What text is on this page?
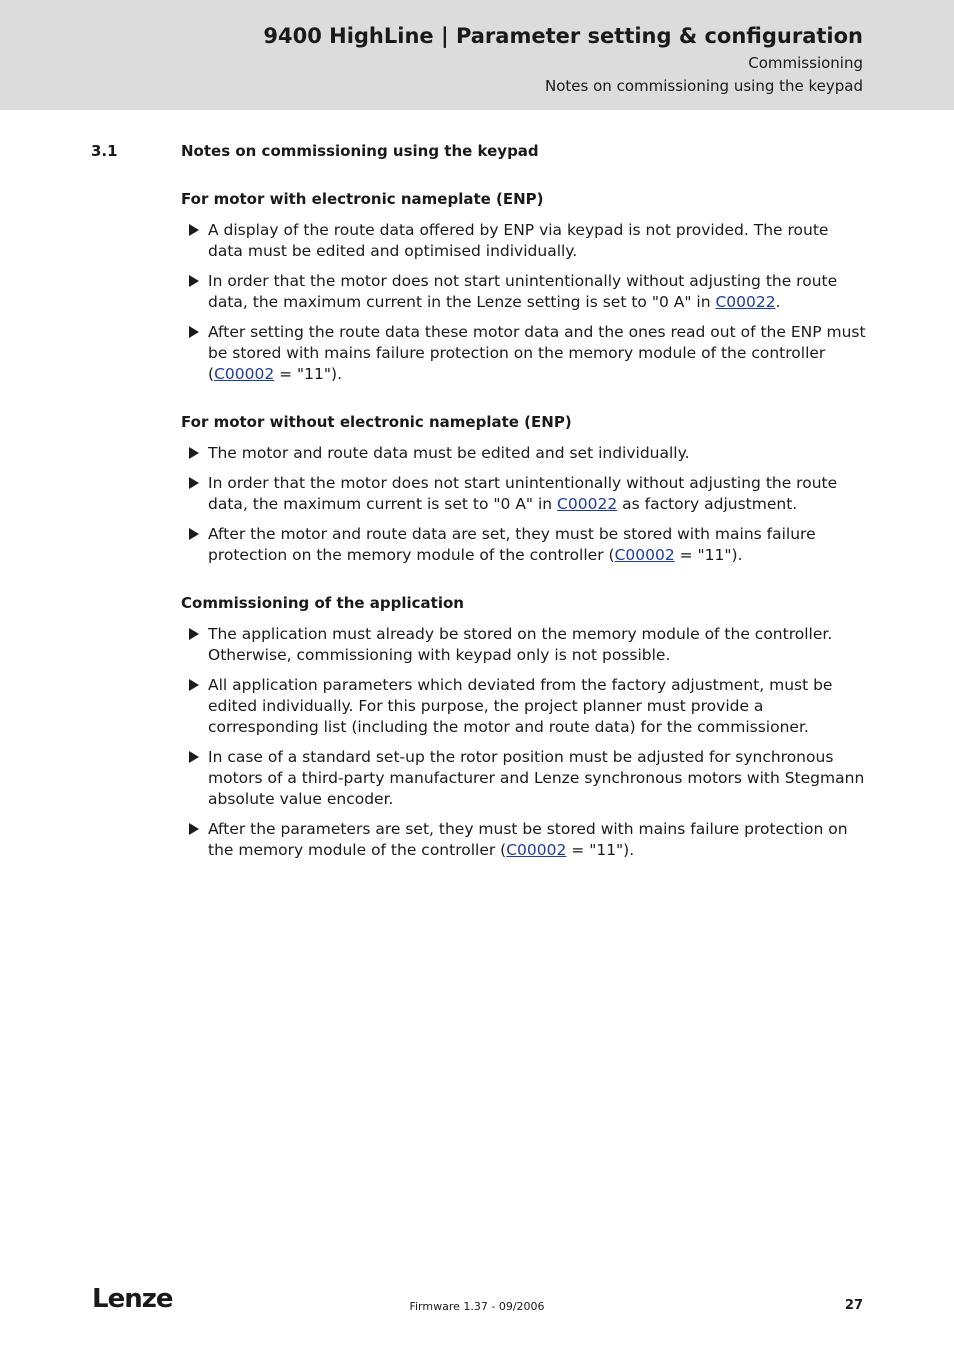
9400 HighLine | Parameter setting & configuration
Commissioning
Notes on commissioning using the keypad
3.1	Notes on commissioning using the keypad
For motor with electronic nameplate (ENP)
A display of the route data offered by ENP via keypad is not provided. The route data must be edited and optimised individually.
In order that the motor does not start unintentionally without adjusting the route data, the maximum current in the Lenze setting is set to "0 A" in C00022.
After setting the route data these motor data and the ones read out of the ENP must be stored with mains failure protection on the memory module of the controller (C00002 = "11").
For motor without electronic nameplate (ENP)
The motor and route data must be edited and set individually.
In order that the motor does not start unintentionally without adjusting the route data, the maximum current is set to "0 A" in C00022 as factory adjustment.
After the motor and route data are set, they must be stored with mains failure protection on the memory module of the controller (C00002 = "11").
Commissioning of the application
The application must already be stored on the memory module of the controller. Otherwise, commissioning with keypad only is not possible.
All application parameters which deviated from the factory adjustment, must be edited individually. For this purpose, the project planner must provide a corresponding list (including the motor and route data) for the commissioner.
In case of a standard set-up the rotor position must be adjusted for synchronous motors of a third-party manufacturer and Lenze synchronous motors with Stegmann absolute value encoder.
After the parameters are set, they must be stored with mains failure protection on the memory module of the controller (C00002 = "11").
Lenze	Firmware 1.37 - 09/2006	27
